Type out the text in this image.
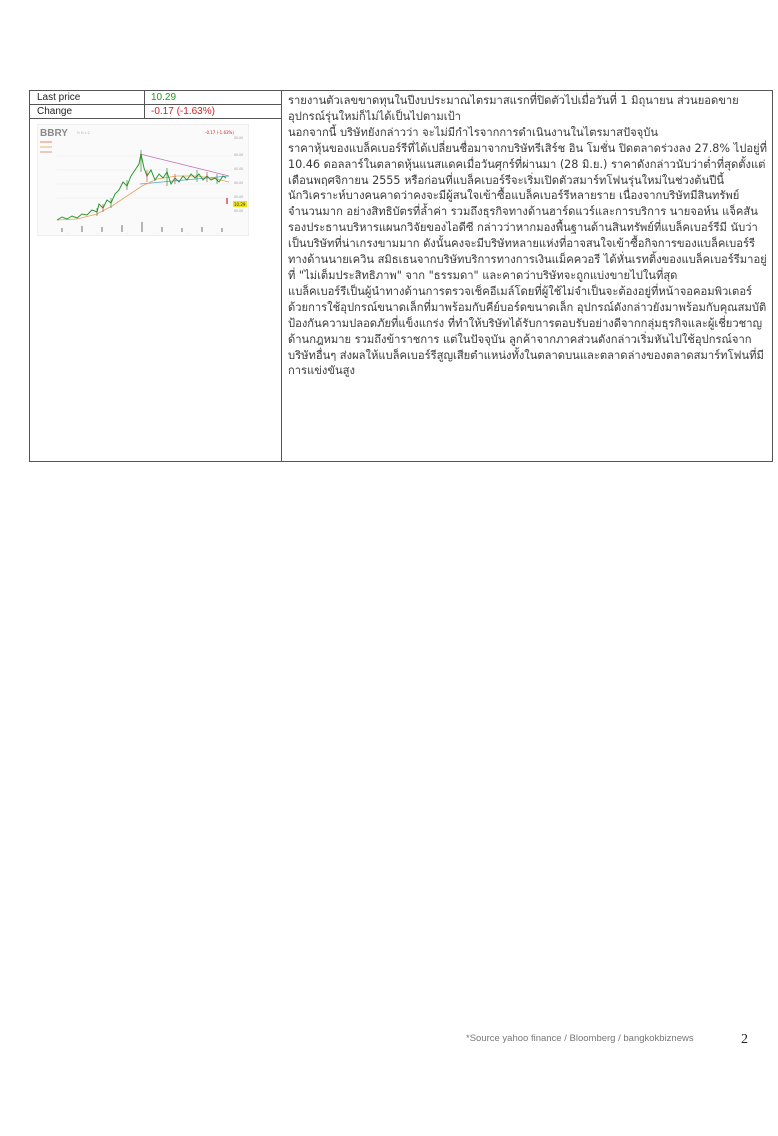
Last price	10.29
Change	-0.17 (-1.63%)
BBRY	O H L C	-0.17 (-1.63%)
00.00
00.00
00.00
00.00
00.00
00.00
10.29
·	·	·	·	·	·

รายงานตัวเลขขาดทุนในปีงบประมาณไตรมาสแรกที่ปิดตัวไปเมื่อวันที่ 1 มิถุนายน ส่วนยอดขายอุปกรณ์รุ่นใหม่ก็ไม่ได้เป็นไปตามเป้า

นอกจากนี้ บริษัทยังกล่าวว่า จะไม่มีกำไรจากการดำเนินงานในไตรมาสปัจจุบัน

ราคาหุ้นของแบล็คเบอร์รีที่ได้เปลี่ยนชื่อมาจากบริษัทรีเสิร์ช อิน โมชั่น ปิดตลาดร่วงลง 27.8% ไปอยู่ที่ 10.46 ดอลลาร์ในตลาดหุ้นแนสแดคเมื่อวันศุกร์ที่ผ่านมา (28 มิ.ย.) ราคาดังกล่าวนับว่าต่ำที่สุดตั้งแต่เดือนพฤศจิกายน 2555 หรือก่อนที่แบล็คเบอร์รีจะเริ่มเปิดตัวสมาร์ทโฟนรุ่นใหม่ในช่วงต้นปีนี้

นักวิเคราะห์บางคนคาดว่าคงจะมีผู้สนใจเข้าซื้อแบล็คเบอร์รีหลายราย เนื่องจากบริษัทมีสินทรัพย์จำนวนมาก อย่างสิทธิบัตรที่ล้ำค่า รวมถึงธุรกิจทางด้านฮาร์ดแวร์และการบริการ นายจอห์น แจ็คสัน รองประธานบริหารแผนกวิจัยของไอดีซี กล่าวว่าหากมองพื้นฐานด้านสินทรัพย์ที่แบล็คเบอร์รีมี นับว่าเป็นบริษัทที่น่าเกรงขามมาก ดังนั้นคงจะมีบริษัทหลายแห่งที่อาจสนใจเข้าซื้อกิจการของแบล็คเบอร์รี

ทางด้านนายเควิน สมิธเธนจากบริษัทบริการทางการเงินแม็คควอรี ได้หั่นเรทติ้งของแบล็คเบอร์รีมาอยู่ที่ "ไม่เต็มประสิทธิภาพ" จาก "ธรรมดา" และคาดว่าบริษัทจะถูกแบ่งขายไปในที่สุด

แบล็คเบอร์รีเป็นผู้นำทางด้านการตรวจเช็คอีเมล์โดยที่ผู้ใช้ไม่จำเป็นจะต้องอยู่ที่หน้าจอคอมพิวเตอร์ ด้วยการใช้อุปกรณ์ขนาดเล็กที่มาพร้อมกับคีย์บอร์ดขนาดเล็ก อุปกรณ์ดังกล่าวยังมาพร้อมกับคุณสมบัติป้องกันความปลอดภัยที่แข็งแกร่ง ที่ทำให้บริษัทได้รับการตอบรับอย่างดีจากกลุ่มธุรกิจและผู้เชี่ยวชาญด้านกฎหมาย รวมถึงข้าราชการ แต่ในปัจจุบัน ลูกค้าจากภาคส่วนดังกล่าวเริ่มหันไปใช้อุปกรณ์จากบริษัทอื่นๆ ส่งผลให้แบล็คเบอร์รีสูญเสียตำแหน่งทั้งในตลาดบนและตลาดล่างของตลาดสมาร์ทโฟนที่มีการแข่งขันสูง

*Source yahoo finance / Bloomberg / bangkokbiznews	2
